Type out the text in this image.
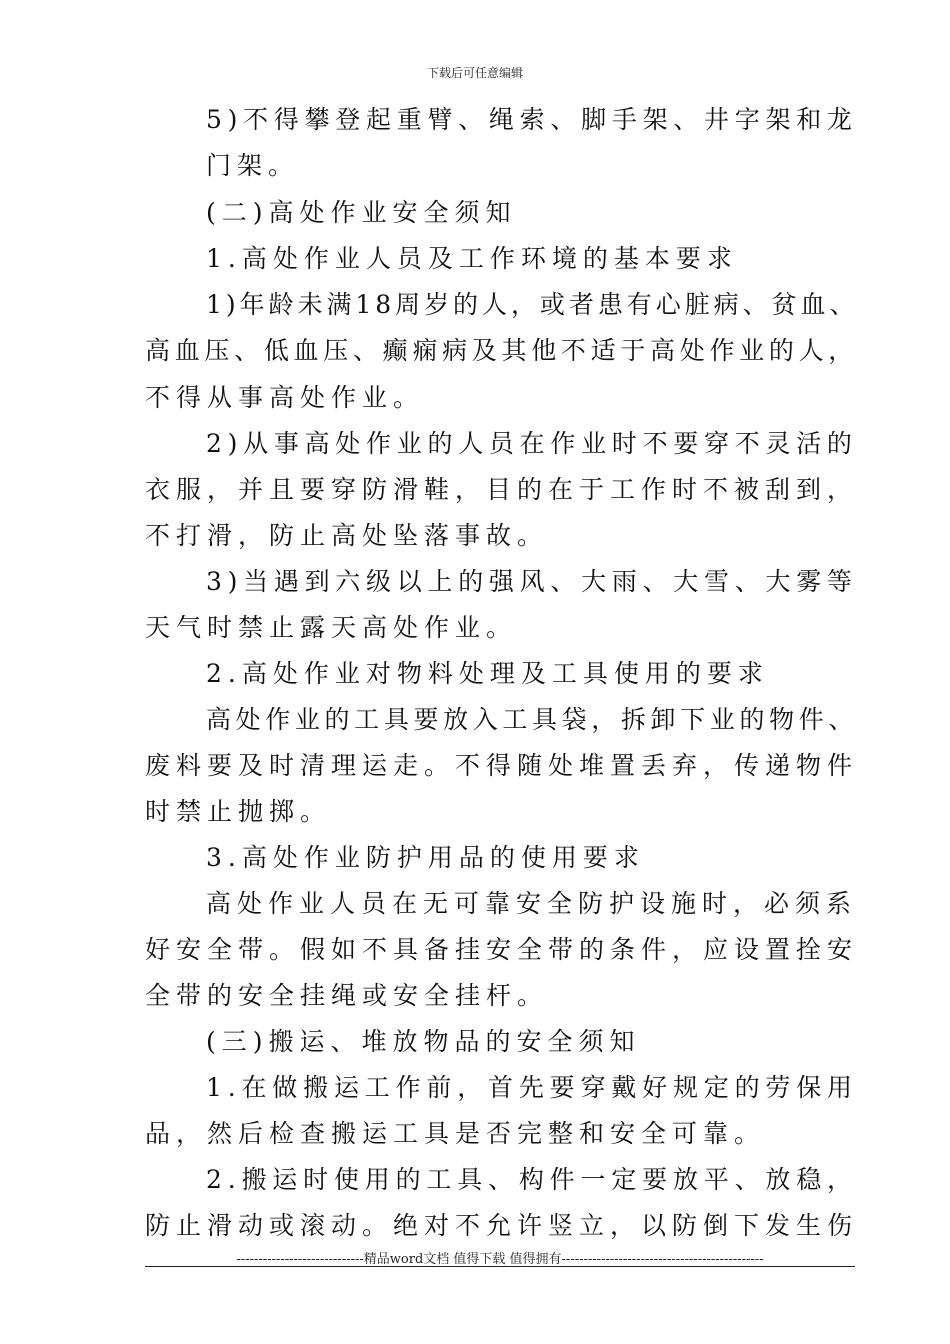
下载后可任意编辑
5)不得攀登起重臂、绳索、脚手架、井字架和龙
门架。
(二)高处作业安全须知
1.高处作业人员及工作环境的基本要求
1)年龄未满18周岁的人，或者患有心脏病、贫血、
高血压、低血压、癫痫病及其他不适于高处作业的人，
不得从事高处作业。
2)从事高处作业的人员在作业时不要穿不灵活的
衣服，并且要穿防滑鞋，目的在于工作时不被刮到，
不打滑，防止高处坠落事故。
3)当遇到六级以上的强风、大雨、大雪、大雾等
天气时禁止露天高处作业。
2.高处作业对物料处理及工具使用的要求
高处作业的工具要放入工具袋，拆卸下业的物件、
废料要及时清理运走。不得随处堆置丢弃，传递物件
时禁止抛掷。
3.高处作业防护用品的使用要求
高处作业人员在无可靠安全防护设施时，必须系
好安全带。假如不具备挂安全带的条件，应设置拴安
全带的安全挂绳或安全挂杆。
(三)搬运、堆放物品的安全须知
1.在做搬运工作前，首先要穿戴好规定的劳保用
品，然后检查搬运工具是否完整和安全可靠。
2.搬运时使用的工具、构件一定要放平、放稳，
防止滑动或滚动。绝对不允许竖立，以防倒下发生伤
-----------------------------精品word文档 值得下载 值得拥有----------------------------------------------
